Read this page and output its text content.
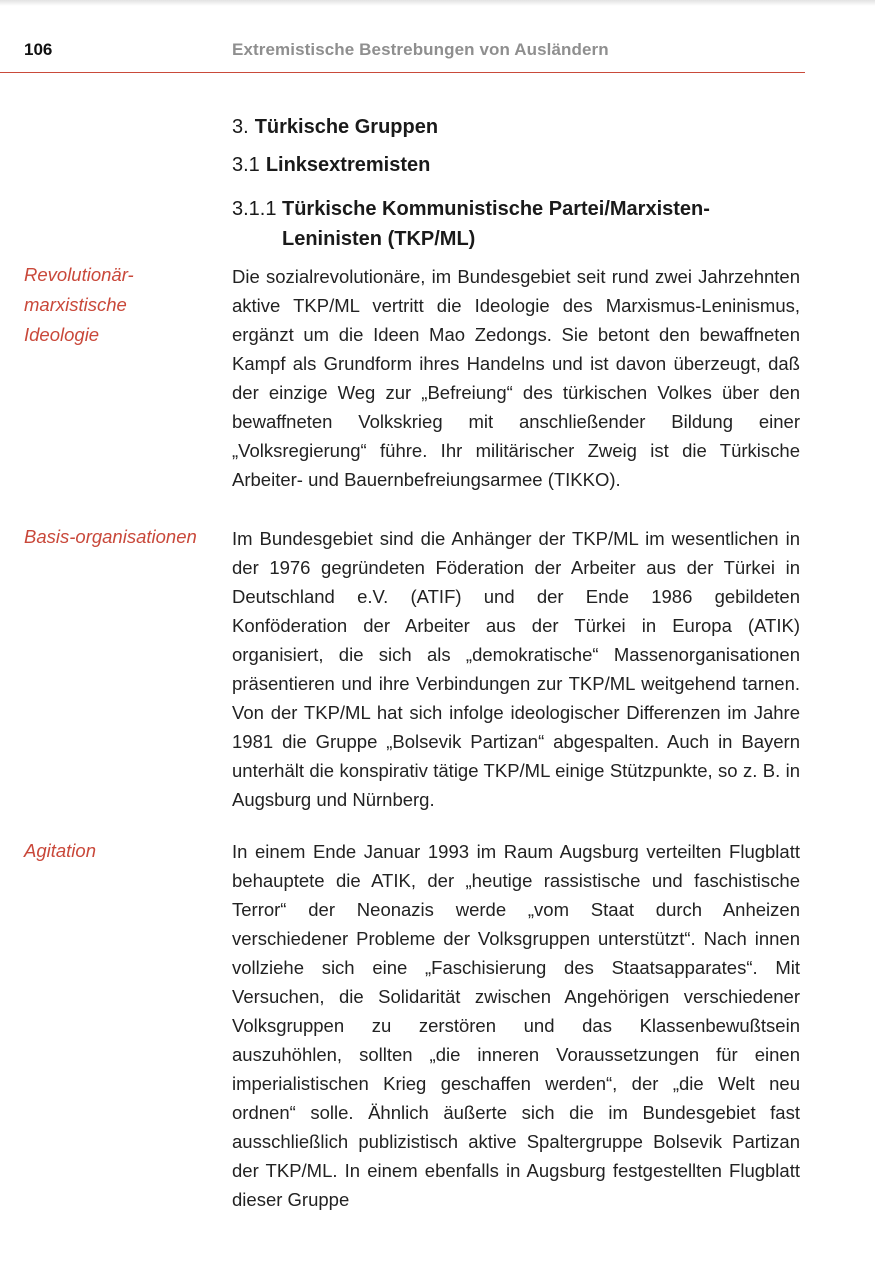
106	Extremistische Bestrebungen von Ausländern
3. Türkische Gruppen
3.1 Linksextremisten
3.1.1 Türkische Kommunistische Partei/Marxisten-Leninisten (TKP/ML)
Revolutionär-marxistische Ideologie
Basis-organisationen
Agitation
Die sozialrevolutionäre, im Bundesgebiet seit rund zwei Jahrzehnten aktive TKP/ML vertritt die Ideologie des Marxismus-Leninismus, ergänzt um die Ideen Mao Zedongs. Sie betont den bewaffneten Kampf als Grundform ihres Handelns und ist davon überzeugt, daß der einzige Weg zur „Befreiung“ des türkischen Volkes über den bewaffneten Volkskrieg mit anschließender Bildung einer „Volksregierung“ führe. Ihr militärischer Zweig ist die Türkische Arbeiter- und Bauernbefreiungsarmee (TIKKO).
Im Bundesgebiet sind die Anhänger der TKP/ML im wesentlichen in der 1976 gegründeten Föderation der Arbeiter aus der Türkei in Deutschland e.V. (ATIF) und der Ende 1986 gebildeten Konföderation der Arbeiter aus der Türkei in Europa (ATIK) organisiert, die sich als „demokratische“ Massenorganisationen präsentieren und ihre Verbindungen zur TKP/ML weitgehend tarnen. Von der TKP/ML hat sich infolge ideologischer Differenzen im Jahre 1981 die Gruppe „Bolsevik Partizan“ abgespalten. Auch in Bayern unterhält die konspirativ tätige TKP/ML einige Stützpunkte, so z. B. in Augsburg und Nürnberg.
In einem Ende Januar 1993 im Raum Augsburg verteilten Flugblatt behauptete die ATIK, der „heutige rassistische und faschistische Terror“ der Neonazis werde „vom Staat durch Anheizen verschiedener Probleme der Volksgruppen unterstützt“. Nach innen vollziehe sich eine „Faschisierung des Staatsapparates“. Mit Versuchen, die Solidarität zwischen Angehörigen verschiedener Volksgruppen zu zerstören und das Klassenbewußtsein auszuhöhlen, sollten „die inneren Voraussetzungen für einen imperialistischen Krieg geschaffen werden“, der „die Welt neu ordnen“ solle. Ähnlich äußerte sich die im Bundesgebiet fast ausschließlich publizistisch aktive Spaltergruppe Bolsevik Partizan der TKP/ML. In einem ebenfalls in Augsburg festgestellten Flugblatt dieser Gruppe
